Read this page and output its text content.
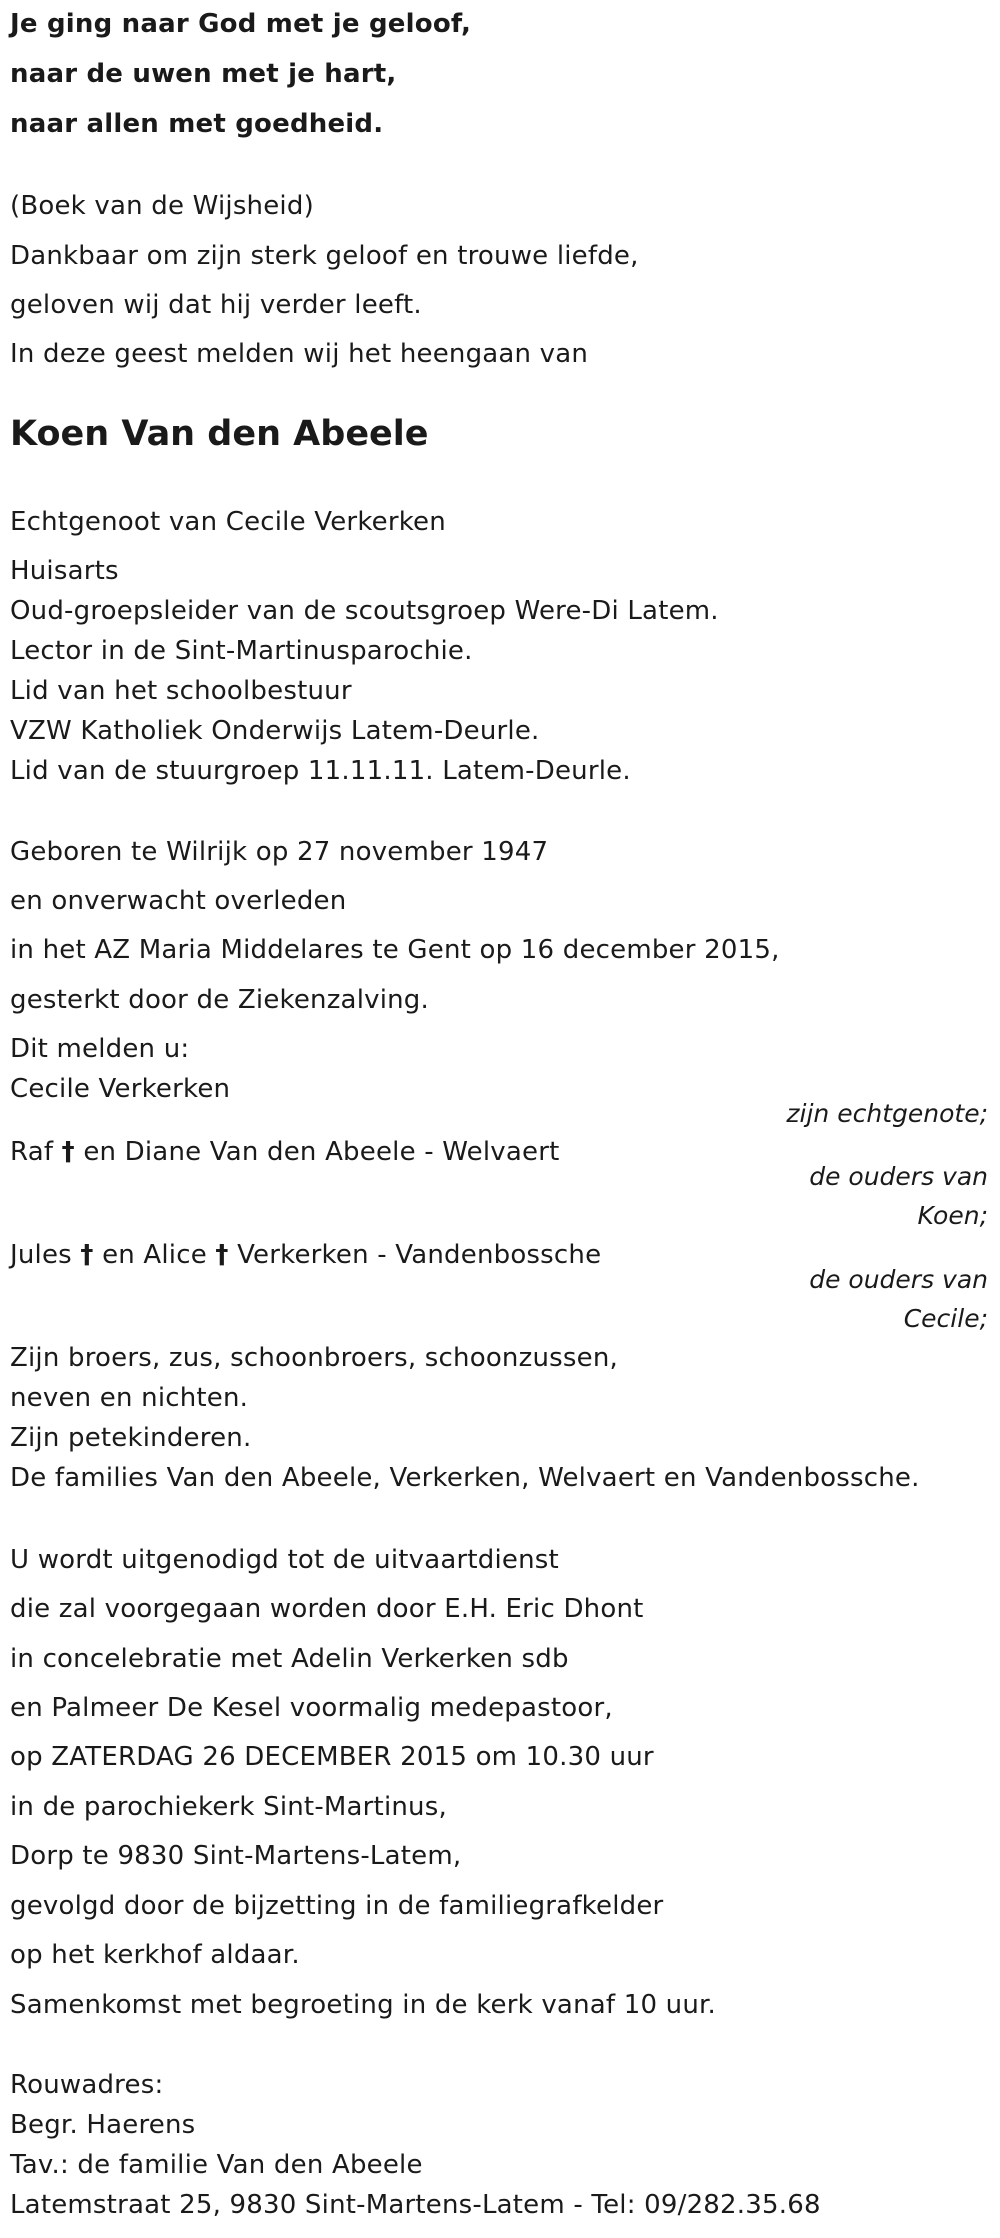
Je ging naar God met je geloof,
naar de uwen met je hart,
naar allen met goedheid.
(Boek van de Wijsheid)
Dankbaar om zijn sterk geloof en trouwe liefde,
geloven wij dat hij verder leeft.
In deze geest melden wij het heengaan van
Koen Van den Abeele
Echtgenoot van Cecile Verkerken
Huisarts
Oud-groepsleider van de scoutsgroep Were-Di Latem.
Lector in de Sint-Martinusparochie.
Lid van het schoolbestuur
VZW Katholiek Onderwijs Latem-Deurle.
Lid van de stuurgroep 11.11.11. Latem-Deurle.
Geboren te Wilrijk op 27 november 1947
en onverwacht overleden
in het AZ Maria Middelares te Gent op 16 december 2015,
gesterkt door de Ziekenzalving.
Dit melden u:
Cecile Verkerken
zijn echtgenote;
Raf † en Diane Van den Abeele - Welvaert
de ouders van
Koen;
Jules † en Alice † Verkerken - Vandenbossche
de ouders van
Cecile;
Zijn broers, zus, schoonbroers, schoonzussen,
neven en nichten.
Zijn petekinderen.
De families Van den Abeele, Verkerken, Welvaert en Vandenbossche.
U wordt uitgenodigd tot de uitvaartdienst
die zal voorgegaan worden door E.H. Eric Dhont
in concelebratie met Adelin Verkerken sdb
en Palmeer De Kesel voormalig medepastoor,
op ZATERDAG 26 DECEMBER 2015 om 10.30 uur
in de parochiekerk Sint-Martinus,
Dorp te 9830 Sint-Martens-Latem,
gevolgd door de bijzetting in de familiegrafkelder
op het kerkhof aldaar.
Samenkomst met begroeting in de kerk vanaf 10 uur.
Rouwadres:
Begr. Haerens
Tav.: de familie Van den Abeele
Latemstraat 25, 9830 Sint-Martens-Latem - Tel: 09/282.35.68
